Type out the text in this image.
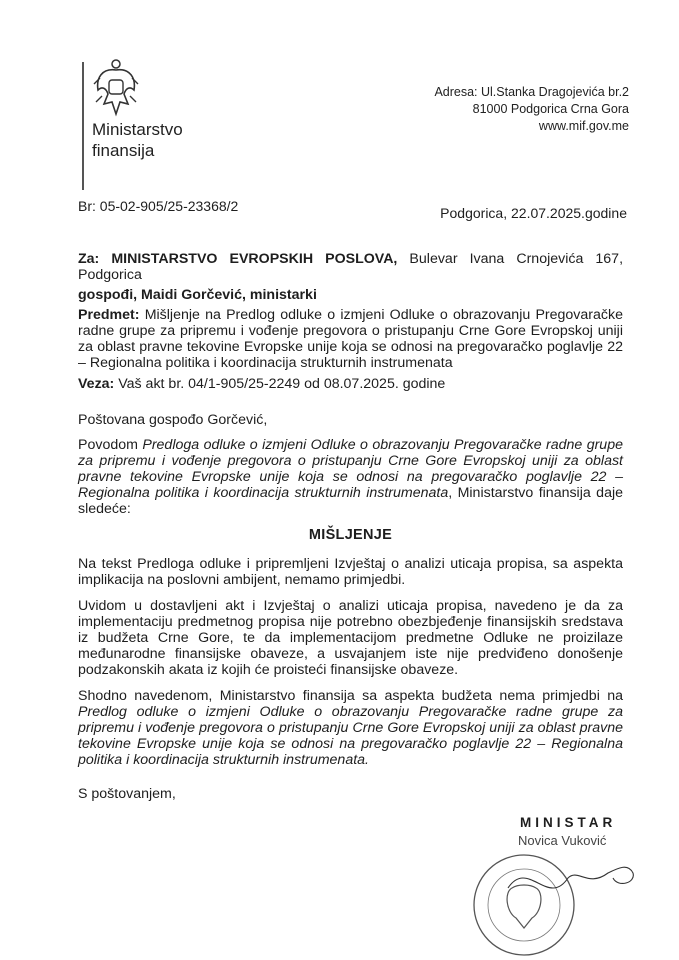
Ministarstvo
finansija
Adresa: Ul.Stanka Dragojevića br.2
81000 Podgorica Crna Gora
www.mif.gov.me
Br: 05-02-905/25-23368/2	Podgorica, 22.07.2025.godine

Za: MINISTARSTVO EVROPSKIH POSLOVA, Bulevar Ivana Crnojevića 167, Podgorica

gospođi, Maidi Gorčević, ministarki

Predmet: Mišljenje na Predlog odluke o izmjeni Odluke o obrazovanju Pregovaračke radne grupe za pripremu i vođenje pregovora o pristupanju Crne Gore Evropskoj uniji za oblast pravne tekovine Evropske unije koja se odnosi na pregovaračko poglavlje 22 – Regionalna politika i koordinacija strukturnih instrumenata

Veza: Vaš akt br. 04/1-905/25-2249 od 08.07.2025. godine

Poštovana gospođo Gorčević,

Povodom Predloga odluke o izmjeni Odluke o obrazovanju Pregovaračke radne grupe za pripremu i vođenje pregovora o pristupanju Crne Gore Evropskoj uniji za oblast pravne tekovine Evropske unije koja se odnosi na pregovaračko poglavlje 22 – Regionalna politika i koordinacija strukturnih instrumenata, Ministarstvo finansija daje sledeće:

MIŠLJENJE

Na tekst Predloga odluke i pripremljeni Izvještaj o analizi uticaja propisa, sa aspekta implikacija na poslovni ambijent, nemamo primjedbi.

Uvidom u dostavljeni akt i Izvještaj o analizi uticaja propisa, navedeno je da za implementaciju predmetnog propisa nije potrebno obezbjeđenje finansijskih sredstava iz budžeta Crne Gore, te da implementacijom predmetne Odluke ne proizilaze međunarodne finansijske obaveze, a usvajanjem iste nije predviđeno donošenje podzakonskih akata iz kojih će proisteći finansijske obaveze.

Shodno navedenom, Ministarstvo finansija sa aspekta budžeta nema primjedbi na Predlog odluke o izmjeni Odluke o obrazovanju Pregovaračke radne grupe za pripremu i vođenje pregovora o pristupanju Crne Gore Evropskoj uniji za oblast pravne tekovine Evropske unije koja se odnosi na pregovaračko poglavlje 22 – Regionalna politika i koordinacija strukturnih instrumenata.

S poštovanjem,

MINISTAR
Novica Vuković
